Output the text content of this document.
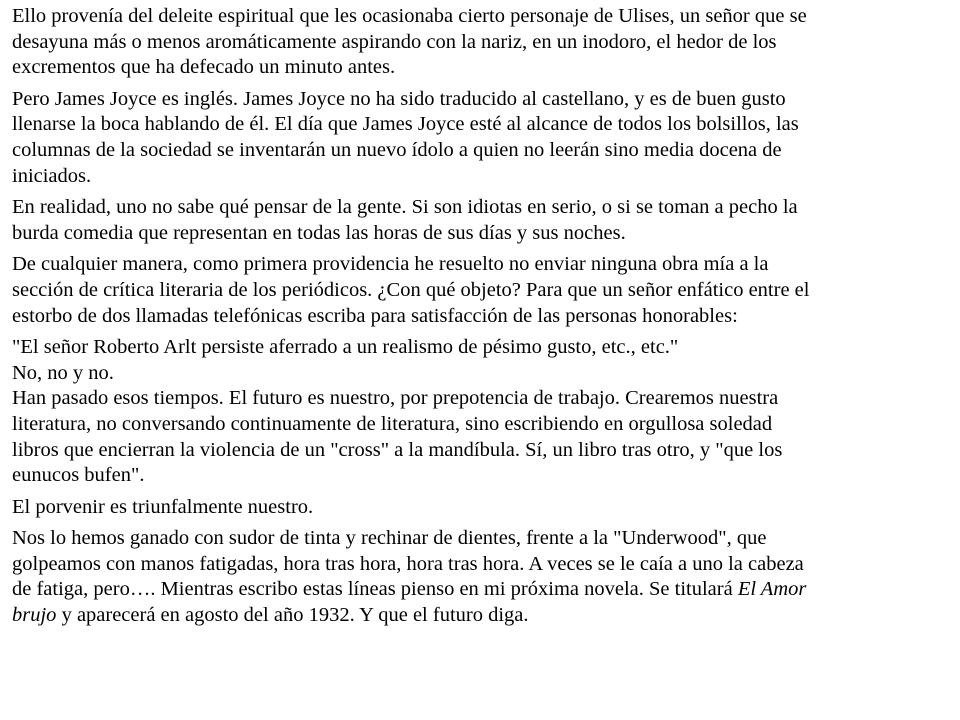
Ello provenía del deleite espiritual que les ocasionaba cierto personaje de Ulises, un señor que se
desayuna más o menos aromáticamente aspirando con la nariz, en un inodoro, el hedor de los
excrementos que ha defecado un minuto antes.

Pero James Joyce es inglés. James Joyce no ha sido traducido al castellano, y es de buen gusto
llenarse la boca hablando de él. El día que James Joyce esté al alcance de todos los bolsillos, las
columnas de la sociedad se inventarán un nuevo ídolo a quien no leerán sino media docena de
iniciados.

En realidad, uno no sabe qué pensar de la gente. Si son idiotas en serio, o si se toman a pecho la
burda comedia que representan en todas las horas de sus días y sus noches.

De cualquier manera, como primera providencia he resuelto no enviar ninguna obra mía a la
sección de crítica literaria de los periódicos. ¿Con qué objeto? Para que un señor enfático entre el
estorbo de dos llamadas telefónicas escriba para satisfacción de las personas honorables:

"El señor Roberto Arlt persiste aferrado a un realismo de pésimo gusto, etc., etc."
No, no y no.
Han pasado esos tiempos. El futuro es nuestro, por prepotencia de trabajo. Crearemos nuestra
literatura, no conversando continuamente de literatura, sino escribiendo en orgullosa soledad
libros que encierran la violencia de un "cross" a la mandíbula. Sí, un libro tras otro, y "que los
eunucos bufen".

El porvenir es triunfalmente nuestro.

Nos lo hemos ganado con sudor de tinta y rechinar de dientes, frente a la "Underwood", que
golpeamos con manos fatigadas, hora tras hora, hora tras hora. A veces se le caía a uno la cabeza
de fatiga, pero…. Mientras escribo estas líneas pienso en mi próxima novela. Se titulará El Amor
brujo y aparecerá en agosto del año 1932. Y que el futuro diga.
